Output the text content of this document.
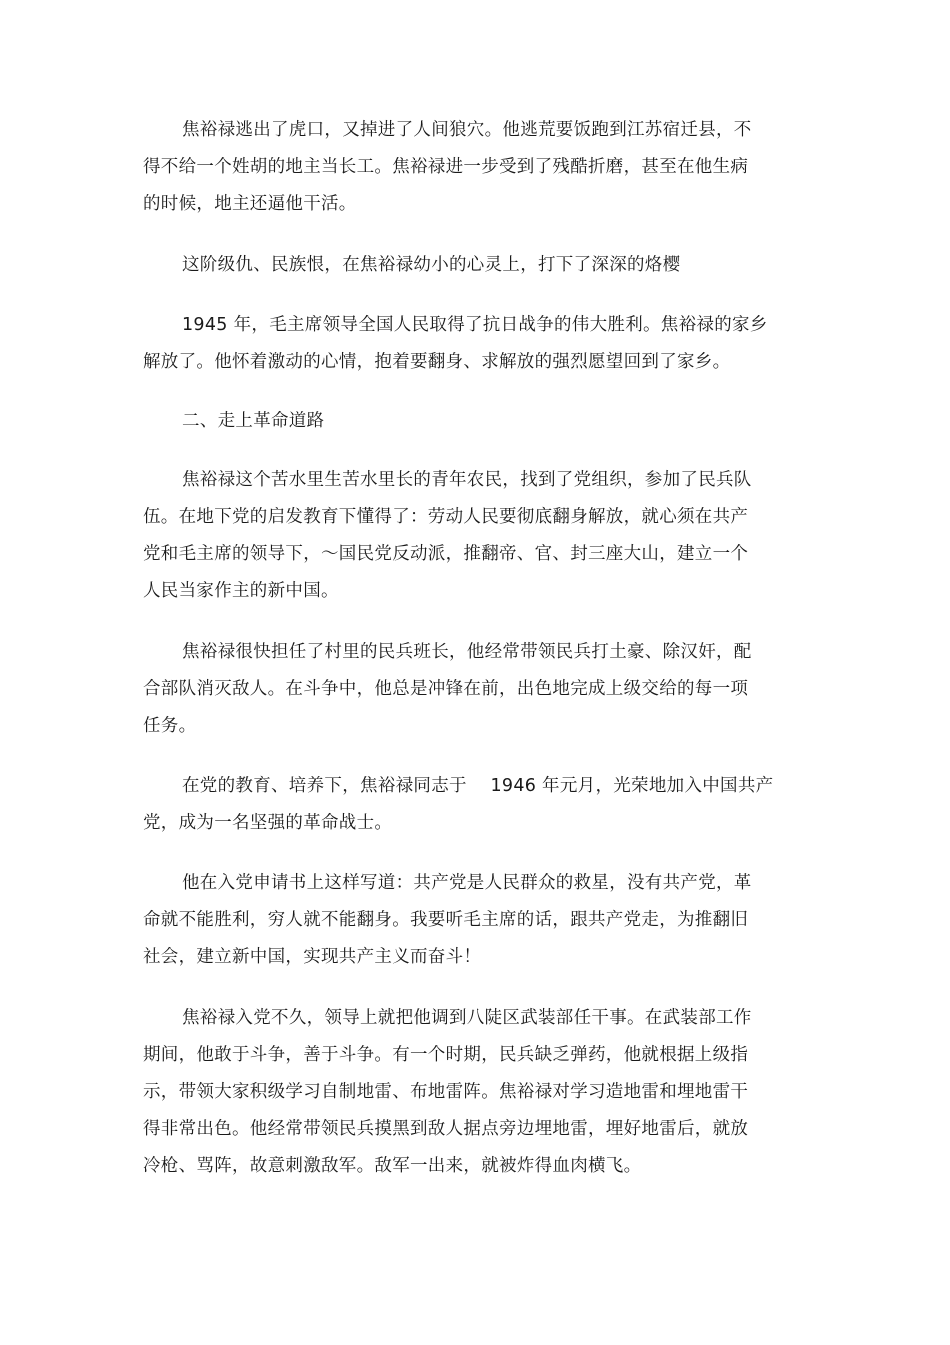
焦裕禄逃出了虎口，又掉进了人间狼穴。他逃荒要饭跑到江苏宿迁县，不
得不给一个姓胡的地主当长工。焦裕禄进一步受到了残酷折磨，甚至在他生病
的时候，地主还逼他干活。
这阶级仇、民族恨，在焦裕禄幼小的心灵上，打下了深深的烙樱
1945 年，毛主席领导全国人民取得了抗日战争的伟大胜利。焦裕禄的家乡
解放了。他怀着激动的心情，抱着要翻身、求解放的强烈愿望回到了家乡。
二、走上革命道路
焦裕禄这个苦水里生苦水里长的青年农民，找到了党组织，参加了民兵队
伍。在地下党的启发教育下懂得了：劳动人民要彻底翻身解放，就心须在共产
党和毛主席的领导下，～国民党反动派，推翻帝、官、封三座大山，建立一个
人民当家作主的新中国。
焦裕禄很快担任了村里的民兵班长，他经常带领民兵打土豪、除汉奸，配
合部队消灭敌人。在斗争中，他总是冲锋在前，出色地完成上级交给的每一项
任务。
在党的教育、培养下，焦裕禄同志于　 1946 年元月，光荣地加入中国共产
党，成为一名坚强的革命战士。
他在入党申请书上这样写道：共产党是人民群众的救星，没有共产党，革
命就不能胜利，穷人就不能翻身。我要听毛主席的话，跟共产党走，为推翻旧
社会，建立新中国，实现共产主义而奋斗！
焦裕禄入党不久，领导上就把他调到八陡区武装部任干事。在武装部工作
期间，他敢于斗争，善于斗争。有一个时期，民兵缺乏弹药，他就根据上级指
示，带领大家积级学习自制地雷、布地雷阵。焦裕禄对学习造地雷和埋地雷干
得非常出色。他经常带领民兵摸黑到敌人据点旁边埋地雷，埋好地雷后，就放
冷枪、骂阵，故意刺激敌军。敌军一出来，就被炸得血肉横飞。
